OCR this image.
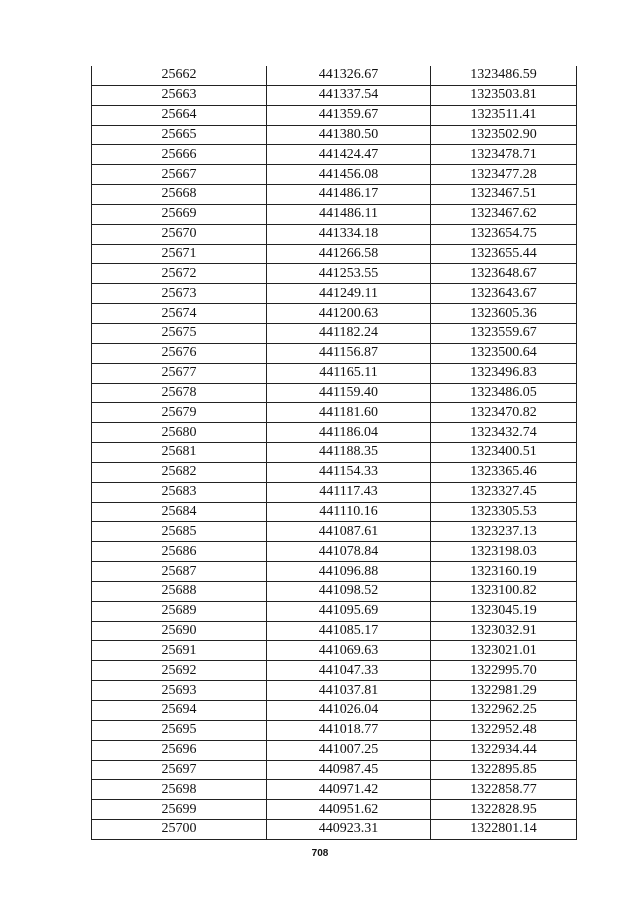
25662	441326.67	1323486.59
25663	441337.54	1323503.81
25664	441359.67	1323511.41
25665	441380.50	1323502.90
25666	441424.47	1323478.71
25667	441456.08	1323477.28
25668	441486.17	1323467.51
25669	441486.11	1323467.62
25670	441334.18	1323654.75
25671	441266.58	1323655.44
25672	441253.55	1323648.67
25673	441249.11	1323643.67
25674	441200.63	1323605.36
25675	441182.24	1323559.67
25676	441156.87	1323500.64
25677	441165.11	1323496.83
25678	441159.40	1323486.05
25679	441181.60	1323470.82
25680	441186.04	1323432.74
25681	441188.35	1323400.51
25682	441154.33	1323365.46
25683	441117.43	1323327.45
25684	441110.16	1323305.53
25685	441087.61	1323237.13
25686	441078.84	1323198.03
25687	441096.88	1323160.19
25688	441098.52	1323100.82
25689	441095.69	1323045.19
25690	441085.17	1323032.91
25691	441069.63	1323021.01
25692	441047.33	1322995.70
25693	441037.81	1322981.29
25694	441026.04	1322962.25
25695	441018.77	1322952.48
25696	441007.25	1322934.44
25697	440987.45	1322895.85
25698	440971.42	1322858.77
25699	440951.62	1322828.95
25700	440923.31	1322801.14
708
